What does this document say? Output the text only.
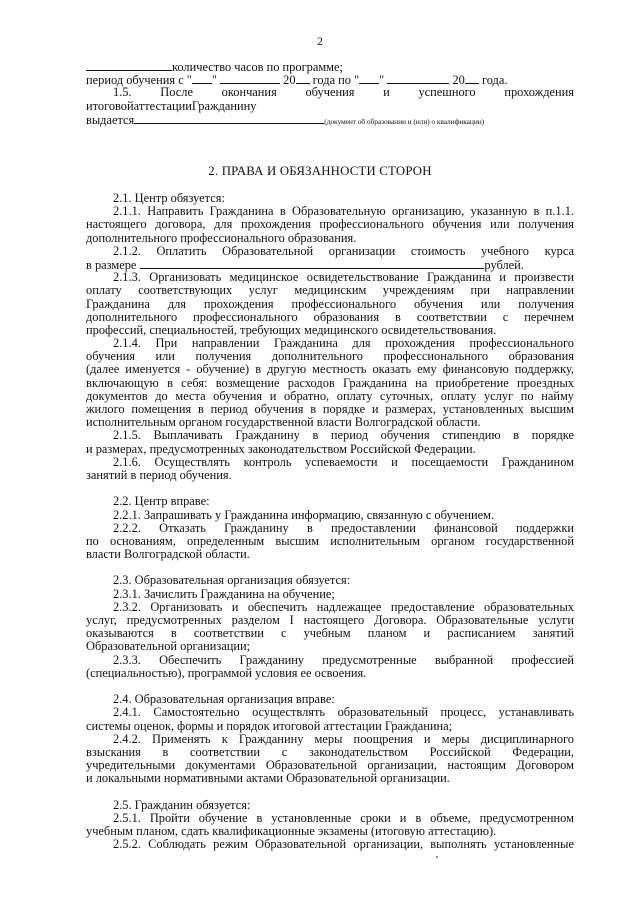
2
количество часов по программе;
период обучения с " "	20 года по " "	20 года.
1.5. После окончания обучения и успешного прохождения
итоговойаттестацииГражданину
выдается	(документ об образовании и (или) о квалификации)
2. ПРАВА И ОБЯЗАННОСТИ СТОРОН
2.1. Центр обязуется:
2.1.1. Направить Гражданина в Образовательную организацию, указанную в п.1.1.
настоящего договора, для прохождения профессионального обучения или получения
дополнительного профессионального образования.
2.1.2. Оплатить Образовательной организации стоимость учебного курса
в размере	рублей.
2.1.3. Организовать медицинское освидетельствование Гражданина и произвести
оплату соответствующих услуг медицинским учреждениям при направлении
Гражданина для прохождения профессионального обучения или получения
дополнительного профессионального образования в соответствии с перечнем
профессий, специальностей, требующих медицинского освидетельствования.
2.1.4. При направлении Гражданина для прохождения профессионального
обучения или получения дополнительного профессионального образования
(далее именуется - обучение) в другую местность оказать ему финансовую поддержку,
включающую в себя: возмещение расходов Гражданина на приобретение проездных
документов до места обучения и обратно, оплату суточных, оплату услуг по найму
жилого помещения в период обучения в порядке и размерах, установленных высшим
исполнительным органом государственной власти Волгоградской области.
2.1.5. Выплачивать Гражданину в период обучения стипендию в порядке
и размерах, предусмотренных законодательством Российской Федерации.
2.1.6. Осуществлять контроль успеваемости и посещаемости Гражданином
занятий в период обучения.
2.2. Центр вправе:
2.2.1. Запрашивать у Гражданина информацию, связанную с обучением.
2.2.2. Отказать Гражданину в предоставлении финансовой поддержки
по основаниям, определенным высшим исполнительным органом государственной
власти Волгоградской области.
2.3. Образовательная организация обязуется:
2.3.1. Зачислить Гражданина на обучение;
2.3.2. Организовать и обеспечить надлежащее предоставление образовательных
услуг, предусмотренных разделом I настоящего Договора. Образовательные услуги
оказываются в соответствии с учебным планом и расписанием занятий
Образовательной организации;
2.3.3. Обеспечить Гражданину предусмотренные выбранной профессией
(специальностью), программой условия ее освоения.
2.4. Образовательная организация вправе:
2.4.1. Самостоятельно осуществлять образовательный процесс, устанавливать
системы оценок, формы и порядок итоговой аттестации Гражданина;
2.4.2. Применять к Гражданину меры поощрения и меры дисциплинарного
взыскания в соответствии с законодательством Российской Федерации,
учредительными документами Образовательной организации, настоящим Договором
и локальными нормативными актами Образовательной организации.
2.5. Гражданин обязуется:
2.5.1. Пройти обучение в установленные сроки и в объеме, предусмотренном
учебным планом, сдать квалификационные экзамены (итоговую аттестацию).
2.5.2. Соблюдать режим Образовательной организации, выполнять установленные
